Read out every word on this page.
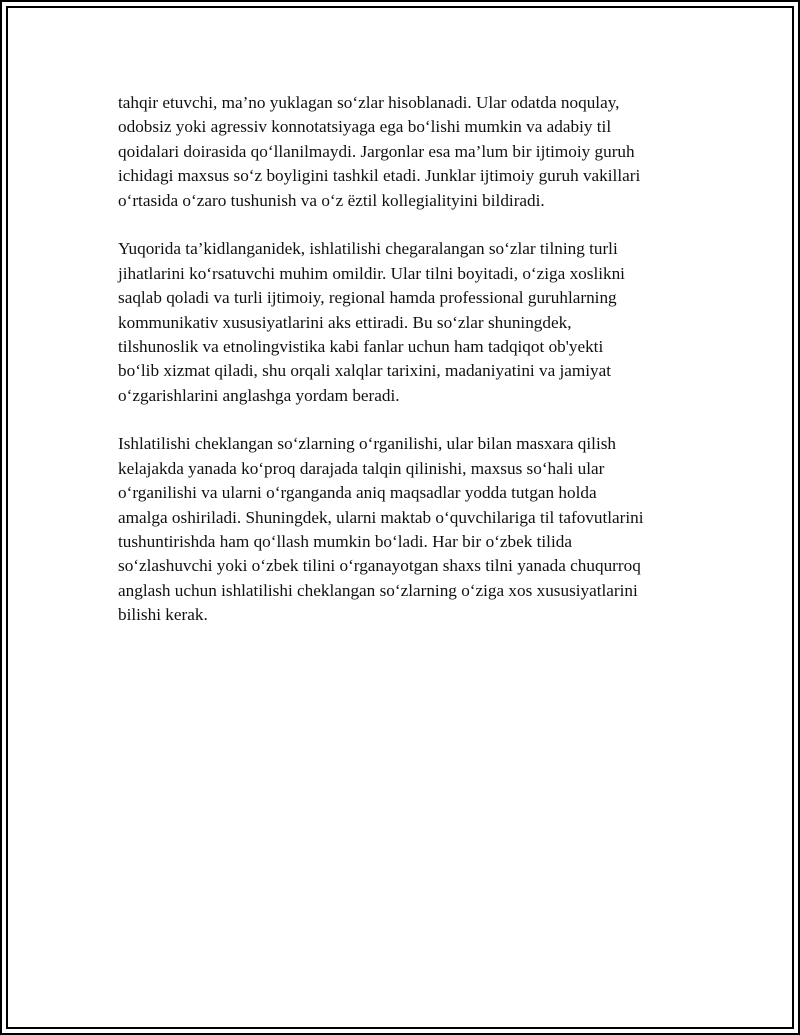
tahqir etuvchi, ma’no yuklagan so‘zlar hisoblanadi. Ular odatda noqulay,
odobsiz yoki agressiv konnotatsiyaga ega bo‘lishi mumkin va adabiy til
qoidalari doirasida qo‘llanilmaydi. Jargonlar esa ma’lum bir ijtimoiy guruh
ichidagi maxsus so‘z boyligini tashkil etadi. Junklar ijtimoiy guruh vakillari
o‘rtasida o‘zaro tushunish va o‘z ëztil kollegialityini bildiradi.
Yuqorida ta’kidlanganidek, ishlatilishi chegaralangan so‘zlar tilning turli
jihatlarini ko‘rsatuvchi muhim omildir. Ular tilni boyitadi, o‘ziga xoslikni
saqlab qoladi va turli ijtimoiy, regional hamda professional guruhlarning
kommunikativ xususiyatlarini aks ettiradi. Bu so‘zlar shuningdek,
tilshunoslik va etnolingvistika kabi fanlar uchun ham tadqiqot ob'yekti
bo‘lib xizmat qiladi, shu orqali xalqlar tarixini, madaniyatini va jamiyat
o‘zgarishlarini anglashga yordam beradi.
Ishlatilishi cheklangan so‘zlarning o‘rganilishi, ular bilan masxara qilish
kelajakda yanada ko‘proq darajada talqin qilinishi, maxsus so‘hali ular
o‘rganilishi va ularni o‘rganganda aniq maqsadlar yodda tutgan holda
amalga oshiriladi. Shuningdek, ularni maktab o‘quvchilariga til tafovutlarini
tushuntirishda ham qo‘llash mumkin bo‘ladi. Har bir o‘zbek tilida
so‘zlashuvchi yoki o‘zbek tilini o‘rganayotgan shaxs tilni yanada chuqurroq
anglash uchun ishlatilishi cheklangan so‘zlarning o‘ziga xos xususiyatlarini
bilishi kerak.
